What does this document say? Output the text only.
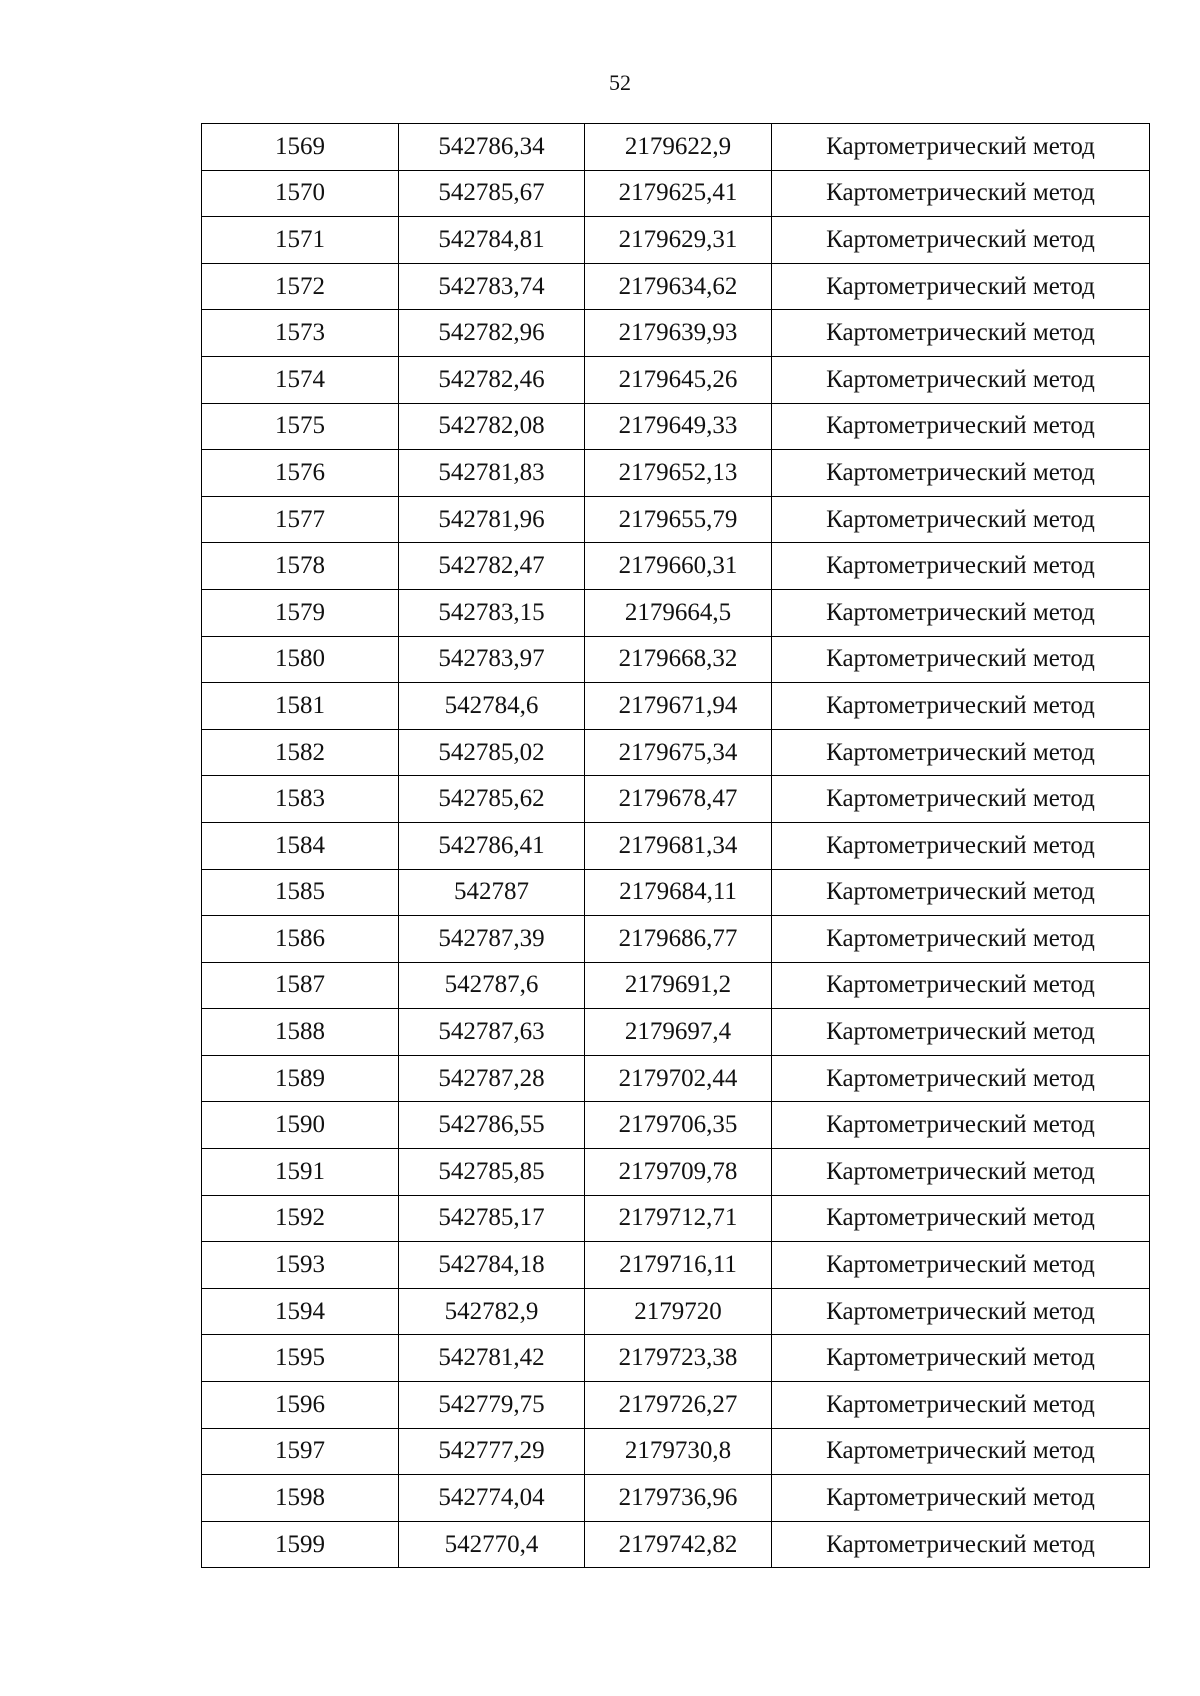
52
1569	542786,34	2179622,9	Картометрический метод
1570	542785,67	2179625,41	Картометрический метод
1571	542784,81	2179629,31	Картометрический метод
1572	542783,74	2179634,62	Картометрический метод
1573	542782,96	2179639,93	Картометрический метод
1574	542782,46	2179645,26	Картометрический метод
1575	542782,08	2179649,33	Картометрический метод
1576	542781,83	2179652,13	Картометрический метод
1577	542781,96	2179655,79	Картометрический метод
1578	542782,47	2179660,31	Картометрический метод
1579	542783,15	2179664,5	Картометрический метод
1580	542783,97	2179668,32	Картометрический метод
1581	542784,6	2179671,94	Картометрический метод
1582	542785,02	2179675,34	Картометрический метод
1583	542785,62	2179678,47	Картометрический метод
1584	542786,41	2179681,34	Картометрический метод
1585	542787	2179684,11	Картометрический метод
1586	542787,39	2179686,77	Картометрический метод
1587	542787,6	2179691,2	Картометрический метод
1588	542787,63	2179697,4	Картометрический метод
1589	542787,28	2179702,44	Картометрический метод
1590	542786,55	2179706,35	Картометрический метод
1591	542785,85	2179709,78	Картометрический метод
1592	542785,17	2179712,71	Картометрический метод
1593	542784,18	2179716,11	Картометрический метод
1594	542782,9	2179720	Картометрический метод
1595	542781,42	2179723,38	Картометрический метод
1596	542779,75	2179726,27	Картометрический метод
1597	542777,29	2179730,8	Картометрический метод
1598	542774,04	2179736,96	Картометрический метод
1599	542770,4	2179742,82	Картометрический метод
